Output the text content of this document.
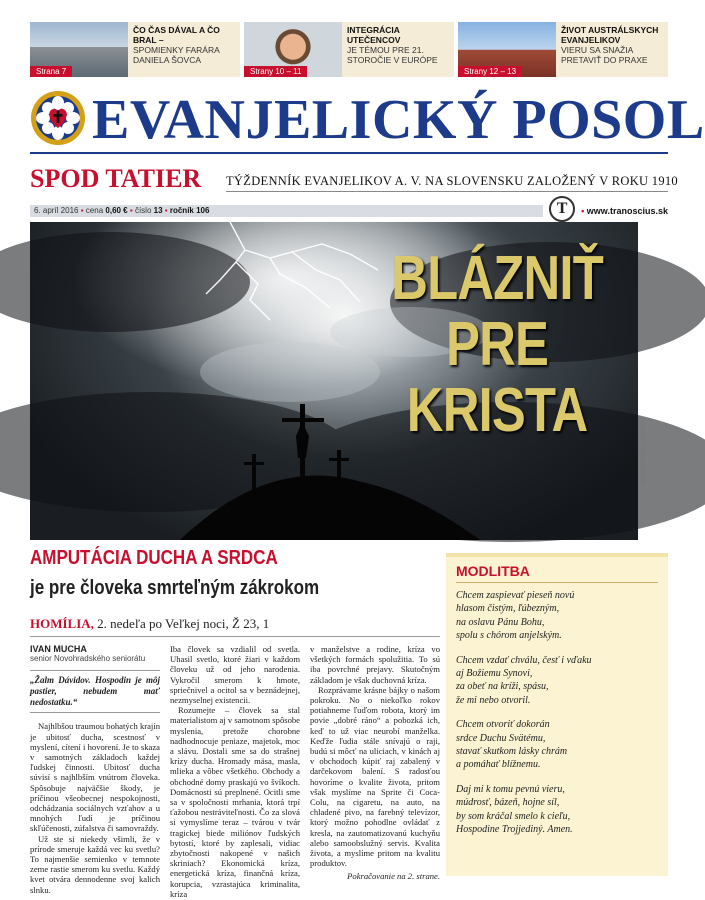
Strana 7
ČO ČAS DÁVAL A ČO BRAL –
SPOMIENKY FARÁRA DANIELA ŠOVCA
Strany 10 – 11
INTEGRÁCIA UTEČENCOV
JE TÉMOU PRE 21. STOROČIE V EURÓPE
Strany 12 – 13
ŽIVOT AUSTRÁLSKYCH EVANJELIKOV
VIERU SA SNAŽIA PRETAVIŤ DO PRAXE
EVANJELICKÝ POSOL
SPOD TATIER TÝŽDENNÍK EVANJELIKOV A. V. NA SLOVENSKU ZALOŽENÝ V ROKU 1910
6. apríl 2016 ▪ cena 0,60 € ▪ číslo 13 ▪ ročník 106	T	▪ www.tranoscius.sk
BLÁZNIŤ
PRE
KRISTA
Ilustračné foto: 123rf.com
AMPUTÁCIA DUCHA A SRDCA
je pre človeka smrteľným zákrokom
HOMÍLIA, 2. nedeľa po Veľkej noci, Ž 23, 1

IVAN MUCHA

senior Novohradského seniorátu

„Žalm Dávidov. Hospodin je môj pastier, nebudem mať nedostatku.“

Najhlbšou traumou bohatých krajín je ubitosť ducha, scestnosť v myslení, cítení i hovorení. Je to skaza v samotných základoch každej ľudskej činnosti. Ubitosť ducha súvisí s najhlbším vnútrom človeka. Spôsobuje najväčšie škody, je príčinou všeobecnej nespokojnosti, odchádzania sociálnych vzťahov a u mnohých ľudí je príčinou skľúčenosti, zúfalstva či samovraždy.

Už ste si niekedy všimli, že v prírode smeruje každá vec ku svetlu? To najmenšie semienko v temnote zeme rastie smerom ku svetlu. Každý kvet otvára dennodenne svoj kalich slnku.

Iba človek sa vzdialil od svetla. Uhasil svetlo, ktoré žiari v každom človeku už od jeho narodenia. Vykročil smerom k hmote, spriečnivel a ocitol sa v beznádejnej, nezmyselnej existencii.

Rozumejte – človek sa stal materialistom aj v samotnom spôsobe myslenia, pretože chorobne nadhodnocuje peniaze, majetok, moc a slávu. Dostali sme sa do strašnej krízy ducha. Hromady mäsa, masla, mlieka a vôbec všetkého. Obchody a obchodné domy praskajú vo švíkoch. Domácnosti sú preplnené. Ocitli sme sa v spoločnosti mrhania, ktorá trpí ťažobou nestráviteľnosti. Čo za slová si vymyslíme teraz – tvárou v tvár tragickej biede miliónov ľudských bytostí, ktoré by zaplesali, vidiac zbytočnosti nakopené v našich skriniach? Ekonomická kríza, energetická kríza, finančná kríza, korupcia, vzrastajúca kriminalita, kríza

v manželstve a rodine, kríza vo všetkých formách spolužitia. To sú iba povrchné prejavy. Skutočným základom je však duchovná kríza.

Rozprávame krásne bájky o našom pokroku. No o niekoľko rokov potiahneme ľuďom robota, ktorý im povie „dobré ráno“ a pobozká ich, keď to už viac neurobí manželka. Keďže ľudia stále snívajú o raji, budú si môcť na uliciach, v kinách aj v obchodoch kúpiť raj zabalený v darčekovom balení. S radosťou hovoríme o kvalite života, pritom však myslíme na Sprite či Coca-Colu, na cigaretu, na auto, na chladené pivo, na farebný televízor, ktorý možno pohodlne ovládať z kresla, na zautomatizovanú kuchyňu alebo samoobslužný servis. Kvalita života, a myslíme pritom na kvalitu produktov.

Pokračovanie na 2. strane.

MODLITBA
Chcem zaspievať pieseň novú
hlasom čistým, ľúbezným,
na oslavu Pánu Bohu,
spolu s chórom anjelským.
Chcem vzdať chválu, česť i vďaku
aj Božiemu Synovi,
za obeť na kríži, spásu,
že mi nebo otvoril.
Chcem otvoriť dokorán
srdce Duchu Svätému,
stavať skutkom lásky chrám
a pomáhať blížnemu.
Daj mi k tomu pevnú vieru,
múdrosť, bázeň, hojne síl,
by som kráčal smelo k cieľu,
Hospodine Trojjediný. Amen.
